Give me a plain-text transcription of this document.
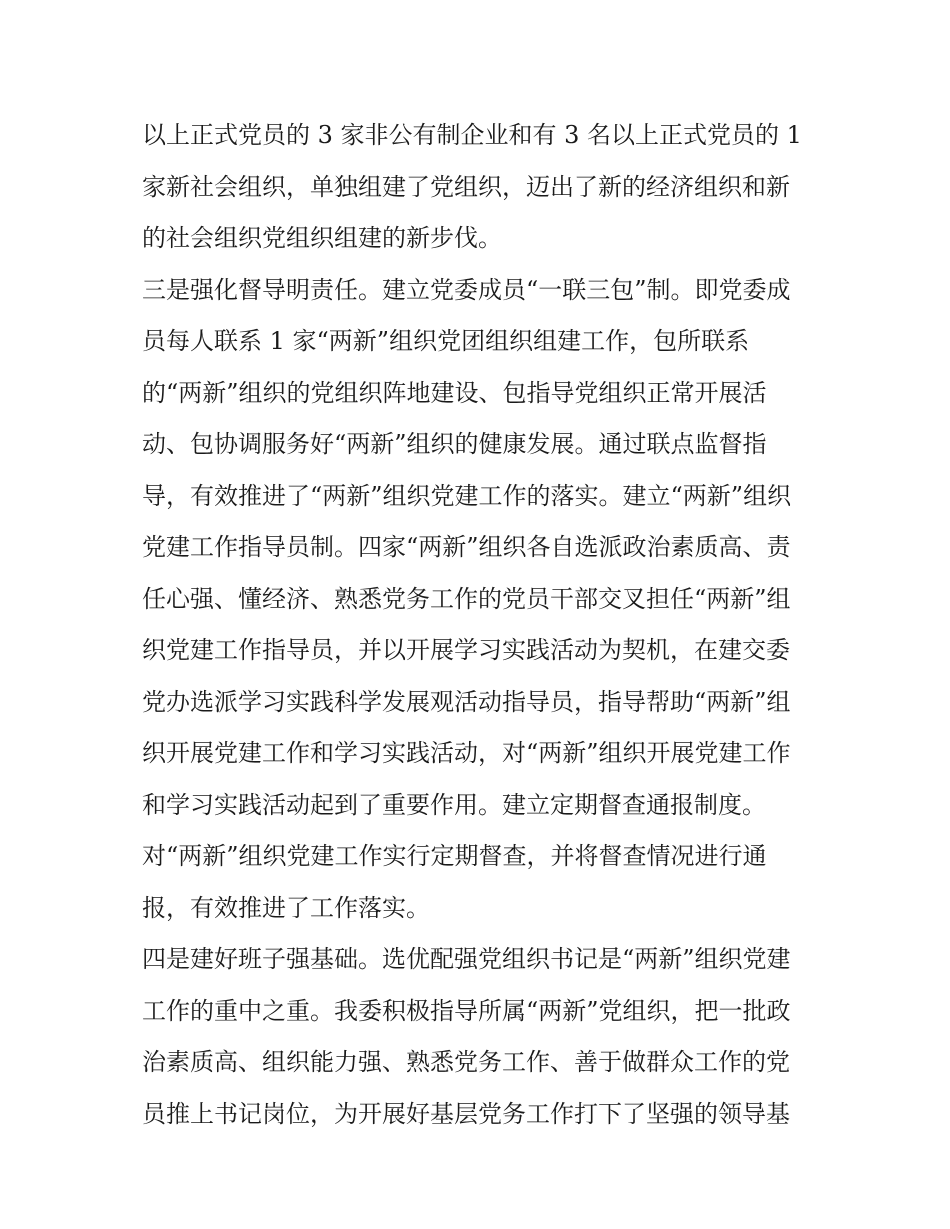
以上正式党员的 3 家非公有制企业和有 3 名以上正式党员的 1
家新社会组织，单独组建了党组织，迈出了新的经济组织和新
的社会组织党组织组建的新步伐。
三是强化督导明责任。建立党委成员“一联三包”制。即党委成
员每人联系 1 家“两新”组织党团组织组建工作，包所联系
的“两新”组织的党组织阵地建设、包指导党组织正常开展活
动、包协调服务好“两新”组织的健康发展。通过联点监督指
导，有效推进了“两新”组织党建工作的落实。建立“两新”组织
党建工作指导员制。四家“两新”组织各自选派政治素质高、责
任心强、懂经济、熟悉党务工作的党员干部交叉担任“两新”组
织党建工作指导员，并以开展学习实践活动为契机，在建交委
党办选派学习实践科学发展观活动指导员，指导帮助“两新”组
织开展党建工作和学习实践活动，对“两新”组织开展党建工作
和学习实践活动起到了重要作用。建立定期督查通报制度。
对“两新”组织党建工作实行定期督查，并将督查情况进行通
报，有效推进了工作落实。
四是建好班子强基础。选优配强党组织书记是“两新”组织党建
工作的重中之重。我委积极指导所属“两新”党组织，把一批政
治素质高、组织能力强、熟悉党务工作、善于做群众工作的党
员推上书记岗位，为开展好基层党务工作打下了坚强的领导基
